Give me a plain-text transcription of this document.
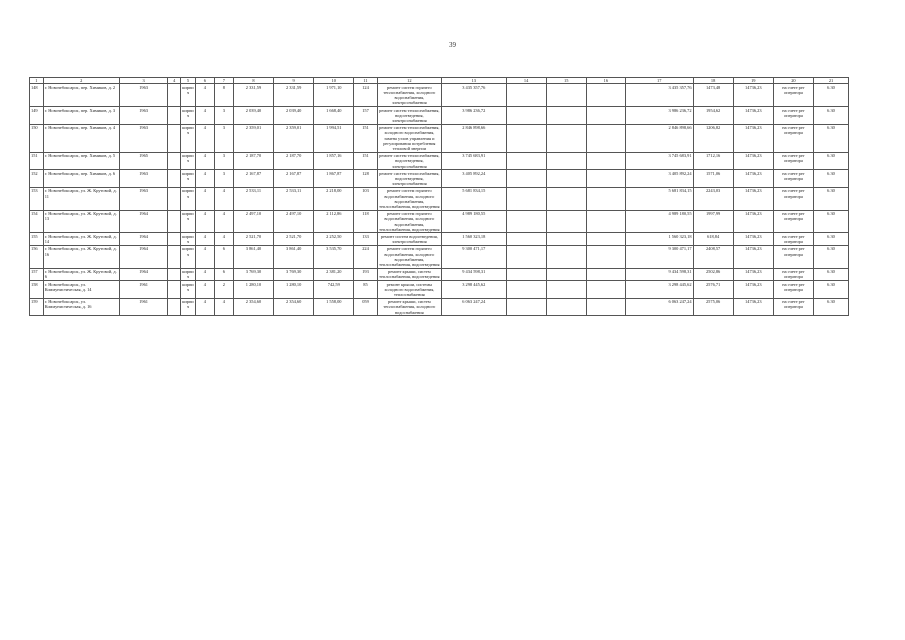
39
1	2	3	4	5	6	7	8	9	10	11	12	13	14	15	16	17	18	19	20	21
148	г. Новочебоксарск, пер. Химиков, д. 2	1963		кирпич	4	8	2 331,59	2 331,59	1 971,10	124	ремонт систем горячего теплоснабжения, холодного водоснабжения, электроснабжения	3 435 357,76				3 435 357,76	1473,48	14736,23	на счете рег оператора	6.30
149	г. Новочебоксарск, пер. Химиков, д. 3	1963		кирпич	4	3	2 039,40	2 039,40	1 668,40	157	ремонт систем теплоснабжения, водоотведения, электроснабжения	3 986 236,72				3 986 236,72	1954,62	14736,23	на счете рег оператора	6.30
150	г. Новочебоксарск, пер. Химиков, д. 4	1963		кирпич	4	3	2 359,01	2 359,01	1 994,51	151	ремонт систем теплоснабжения, холодного водоснабжения, замена узлов управления и регулирования потребления тепловой энергии	2 846 898,66				2 846 898,66	1206,82	14736,23	на счете рег оператора	6.30
151	г. Новочебоксарск, пер. Химиков, д. 5	1965		кирпич	4	3	2 187,70	2 187,70	1 857,16	151	ремонт систем теплоснабжения, водоотведения, электроснабжения	3 745 683,91				3 745 683,91	1712,16	14736,23	на счете рег оператора	6.30
152	г. Новочебоксарск, пер. Химиков, д. 6	1963		кирпич	4	3	2 167,87	2 167,87	1 867,87	128	ремонт систем теплоснабжения, водоотведения, электроснабжения	3 405 892,24				3 405 892,24	1571,06	14736,23	на счете рег оператора	6.30
153	г. Новочебоксарск, ул. Ж. Крутовой, д. 11	1963		кирпич	4	4	2 533,11	2 533,11	2 218,00	103	ремонт систем горячего водоснабжения, холодного водоснабжения, теплоснабжения, водоотведения	5 681 834,15				5 681 834,15	2243,03	14736,23	на счете рег оператора	6.30
154	г. Новочебоксарск, ул. Ж. Крутовой, д. 13	1964		кирпич	4	4	2 497,10	2 497,10	2 112,86	118	ремонт систем горячего водоснабжения, холодного водоснабжения, теплоснабжения, водоотведения	4 989 180,55				4 989 180,55	1997,99	14736,23	на счете рег оператора	6.30
155	г. Новочебоксарск, ул. Ж. Крутовой, д. 14	1964		кирпич	4	4	2 521,70	2 521,70	2 252,50	133	ремонт систем водоотведения, электроснабжения	1 560 323,18				1 560 323,18	618,84	14736,23	на счете рег оператора	6.30
156	г. Новочебоксарск, ул. Ж. Крутовой, д. 16	1964		кирпич	4	6	3 861,40	3 861,40	3 535,70	224	ремонт систем горячего водоснабжения, холодного водоснабжения, теплоснабжения, водоотведения	9 300 471,17				9 300 471,17	2408,57	14736,23	на счете рег оператора	6.30
157	г. Новочебоксарск, ул. Ж. Крутовой, д. 6	1964		кирпич	4	6	3 769,30	3 769,30	2 381,20	193	ремонт крыши, систем теплоснабжения, водоотведения	9 434 598,31				9 434 598,31	2502,86	14736,23	на счете рег оператора	6.30
158	г. Новочебоксарск, ул. Коммунистическая, д. 14	1961		кирпич	4	2	1 280,10	1 280,10	742,59	85	ремонт крыши, системы холодного водоснабжения, теплоснабжения	3 298 445,62				3 298 445,62	2576,71	14736,23	на счете рег оператора	6.30
159	г. Новочебоксарск, ул. Коммунистическая, д. 16	1961		кирпич	4	4	2 354,60	2 354,60	1 558,00	059	ремонт крыши, систем теплоснабжения, холодного водоснабжения	6 063 247,24				6 063 247,24	2575,06	14736,23	на счете рег оператора	6.30
